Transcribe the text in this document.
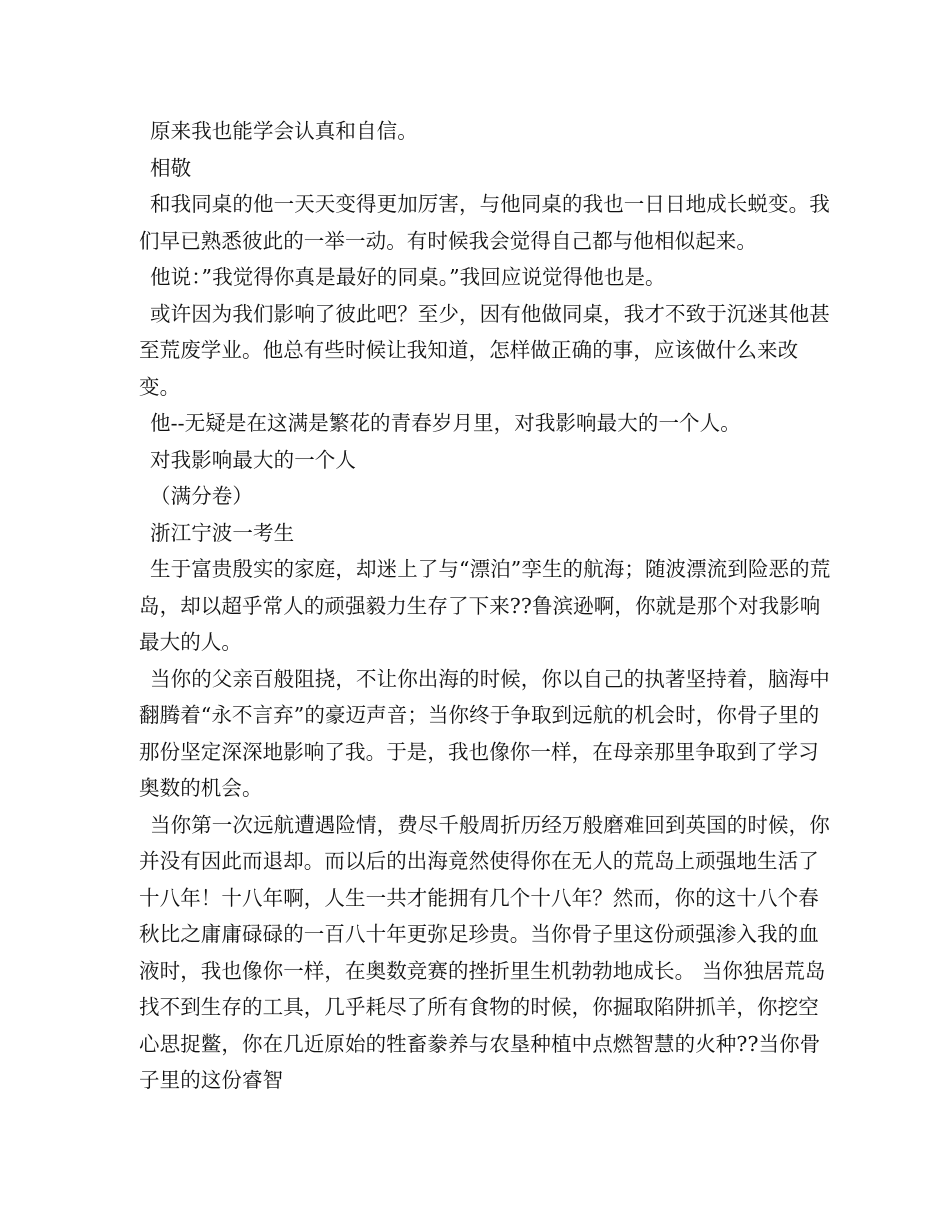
原来我也能学会认真和自信。

相敬

和我同桌的他一天天变得更加厉害，与他同桌的我也一日日地成长蜕变。我们早已熟悉彼此的一举一动。有时候我会觉得自己都与他相似起来。

他说：”我觉得你真是最好的同桌。”我回应说觉得他也是。

或许因为我们影响了彼此吧？至少，因有他做同桌，我才不致于沉迷其他甚至荒废学业。他总有些时候让我知道，怎样做正确的事，应该做什么来改变。

他--无疑是在这满是繁花的青春岁月里，对我影响最大的一个人。

对我影响最大的一个人

（满分卷）

浙江宁波一考生

生于富贵殷实的家庭，却迷上了与“漂泊”孪生的航海；随波漂流到险恶的荒岛，却以超乎常人的顽强毅力生存了下来??鲁滨逊啊，你就是那个对我影响最大的人。

当你的父亲百般阻挠，不让你出海的时候，你以自己的执著坚持着，脑海中翻腾着“永不言弃”的豪迈声音；当你终于争取到远航的机会时，你骨子里的那份坚定深深地影响了我。于是，我也像你一样，在母亲那里争取到了学习奥数的机会。

当你第一次远航遭遇险情，费尽千般周折历经万般磨难回到英国的时候，你并没有因此而退却。而以后的出海竟然使得你在无人的荒岛上顽强地生活了十八年！十八年啊，人生一共才能拥有几个十八年？然而，你的这十八个春秋比之庸庸碌碌的一百八十年更弥足珍贵。当你骨子里这份顽强渗入我的血液时，我也像你一样，在奥数竞赛的挫折里生机勃勃地成长。 当你独居荒岛找不到生存的工具，几乎耗尽了所有食物的时候，你掘取陷阱抓羊，你挖空心思捉鳖，你在几近原始的牲畜豢养与农垦种植中点燃智慧的火种??当你骨子里的这份睿智
